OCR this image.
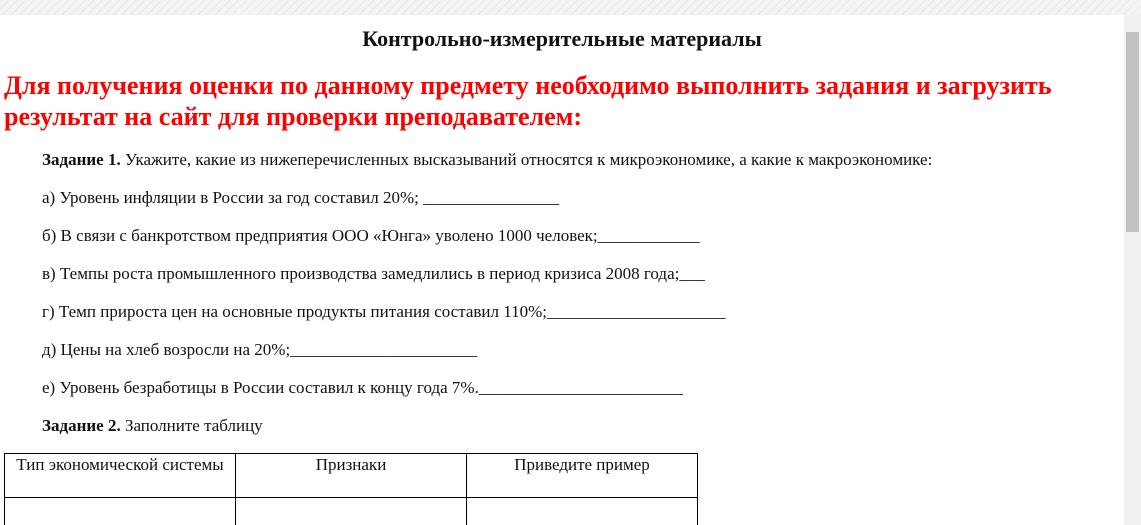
Контрольно-измерительные материалы

Для получения оценки по данному предмету необходимо выполнить задания и загрузить результат на сайт для проверки преподавателем:

Задание 1. Укажите, какие из нижеперечисленных высказываний относятся к микроэкономике, а какие к макроэкономике:

а) Уровень инфляции в России за год составил 20%; ________________

б) В связи с банкротством предприятия ООО «Юнга» уволено 1000 человек;____________

в) Темпы роста промышленного производства замедлились в период кризиса 2008 года;___

г) Темп прироста цен на основные продукты питания составил 110%;_____________________

д) Цены на хлеб возросли на 20%;______________________

е) Уровень безработицы в России составил к концу года 7%.________________________

Задание 2. Заполните таблицу

Тип экономической системы	Признаки	Приведите пример
